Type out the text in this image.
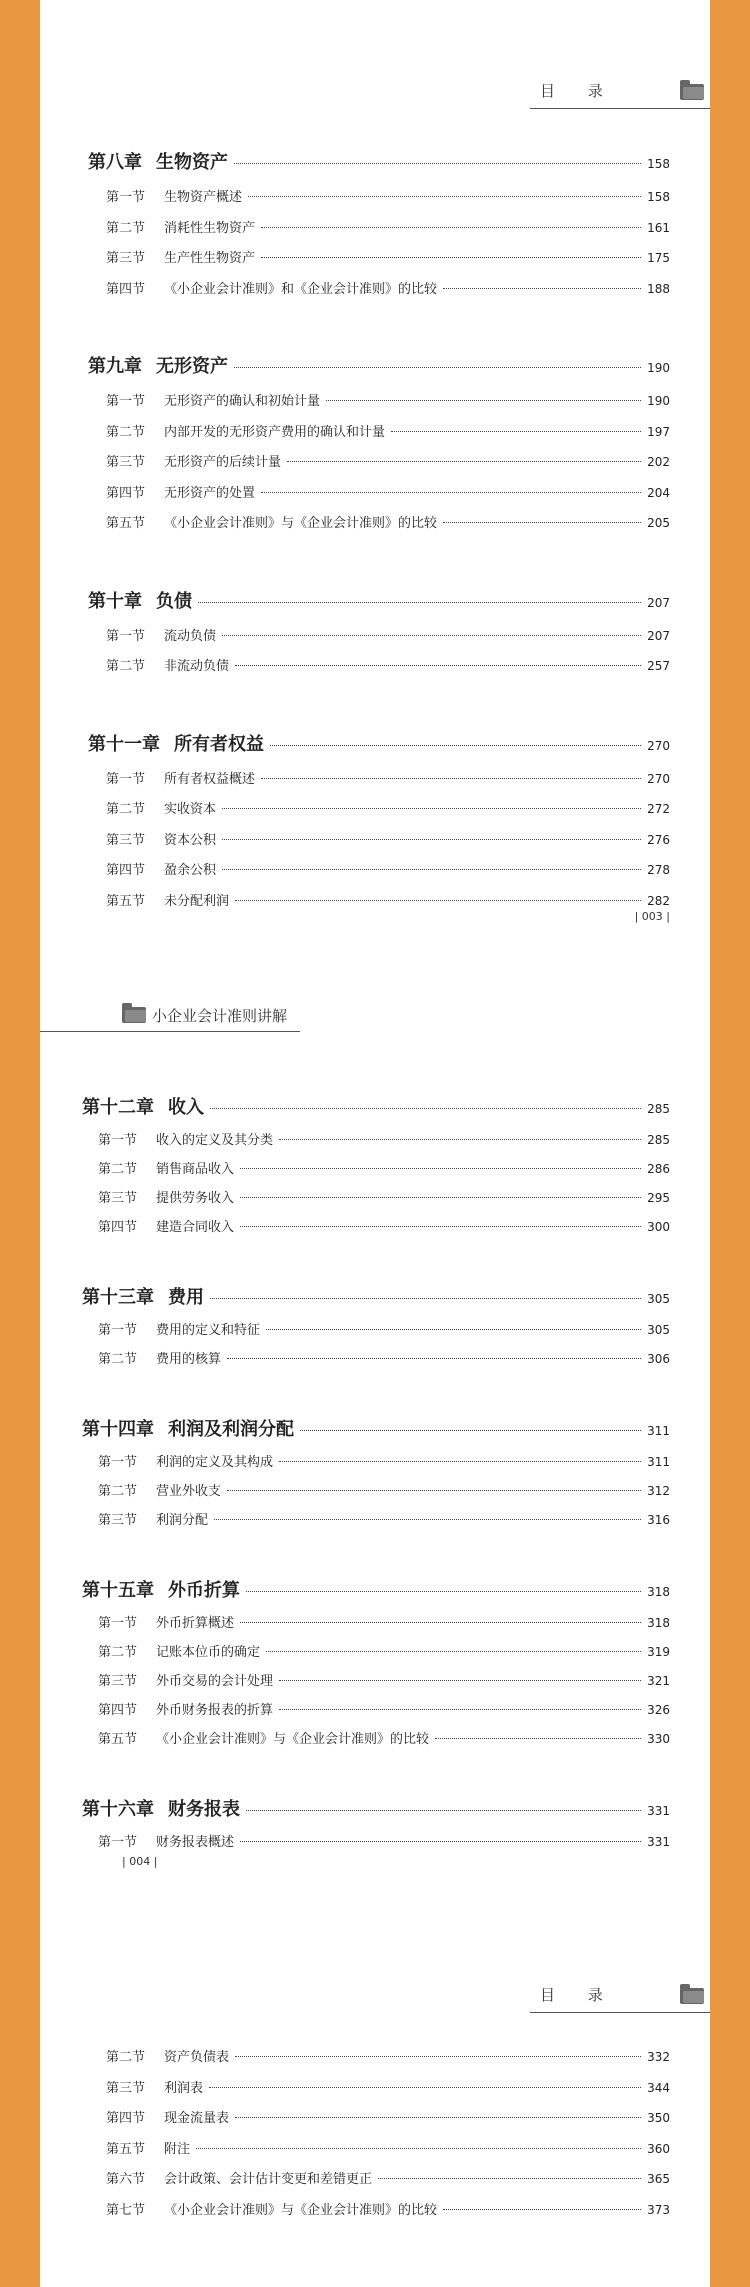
目 录
第八章 生物资产	158
第一节 生物资产概述	158
第二节 消耗性生物资产	161
第三节 生产性生物资产	175
第四节 《小企业会计准则》和《企业会计准则》的比较	188
第九章 无形资产	190
第一节 无形资产的确认和初始计量	190
第二节 内部开发的无形资产费用的确认和计量	197
第三节 无形资产的后续计量	202
第四节 无形资产的处置	204
第五节 《小企业会计准则》与《企业会计准则》的比较	205
第十章 负债	207
第一节 流动负债	207
第二节 非流动负债	257
第十一章 所有者权益	270
第一节 所有者权益概述	270
第二节 实收资本	272
第三节 资本公积	276
第四节 盈余公积	278
第五节 未分配利润	282
| 003 |
小企业会计准则讲解
第十二章 收入	285
第一节 收入的定义及其分类	285
第二节 销售商品收入	286
第三节 提供劳务收入	295
第四节 建造合同收入	300
第十三章 费用	305
第一节 费用的定义和特征	305
第二节 费用的核算	306
第十四章 利润及利润分配	311
第一节 利润的定义及其构成	311
第二节 营业外收支	312
第三节 利润分配	316
第十五章 外币折算	318
第一节 外币折算概述	318
第二节 记账本位币的确定	319
第三节 外币交易的会计处理	321
第四节 外币财务报表的折算	326
第五节 《小企业会计准则》与《企业会计准则》的比较	330
第十六章 财务报表	331
第一节 财务报表概述	331
| 004 |
目 录
第二节 资产负债表	332
第三节 利润表	344
第四节 现金流量表	350
第五节 附注	360
第六节 会计政策、会计估计变更和差错更正	365
第七节 《小企业会计准则》与《企业会计准则》的比较	373
